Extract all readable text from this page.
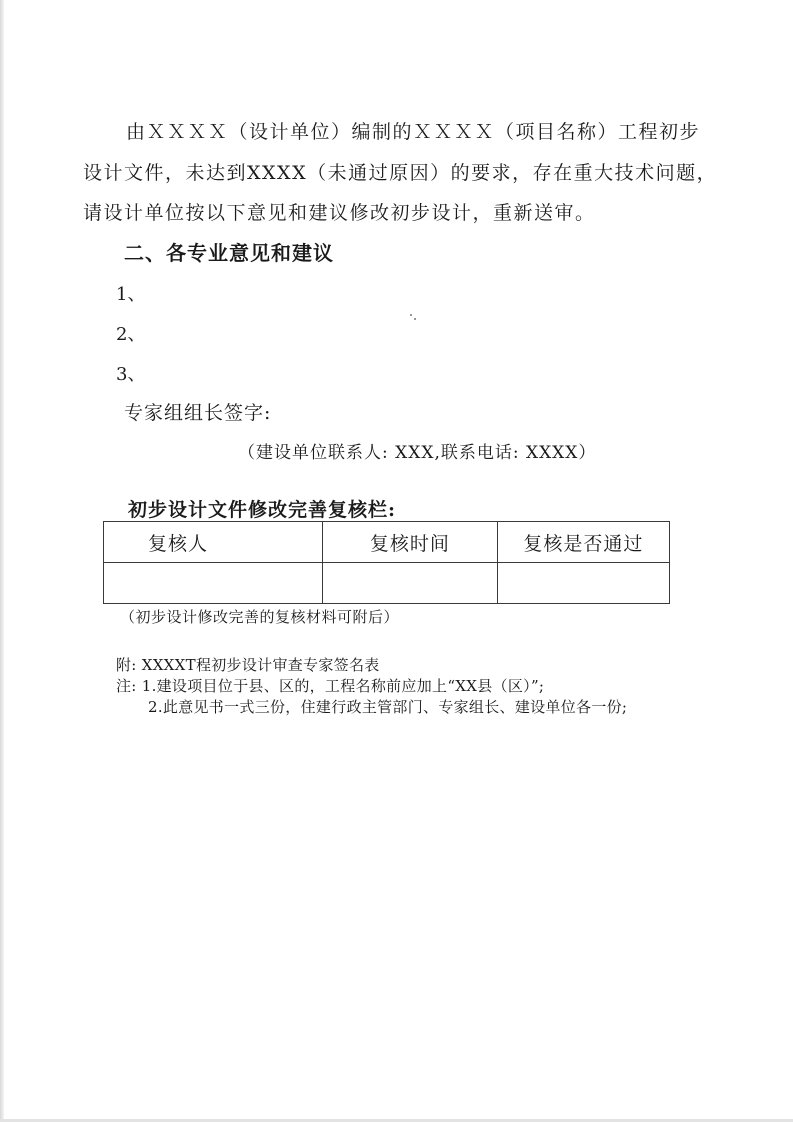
由ＸＸＸＸ（设计单位）编制的ＸＸＸＸ（项目名称）工程初步
设计文件，未达到XXXX（未通过原因）的要求，存在重大技术问题，
请设计单位按以下意见和建议修改初步设计，重新送审。
二、各专业意见和建议
1、
2、
3、
专家组组长签字:
（建设单位联系人: XXX,联系电话: XXXX）
初步设计文件修改完善复核栏:
复核人	复核时间	复核是否通过

（初步设计修改完善的复核材料可附后）
附: XXXXT程初步设计审查专家签名表
注: 1.建设项目位于县、区的，工程名称前应加上“XX县（区）”;
2.此意见书一式三份，住建行政主管部门、专家组长、建设单位各一份;
